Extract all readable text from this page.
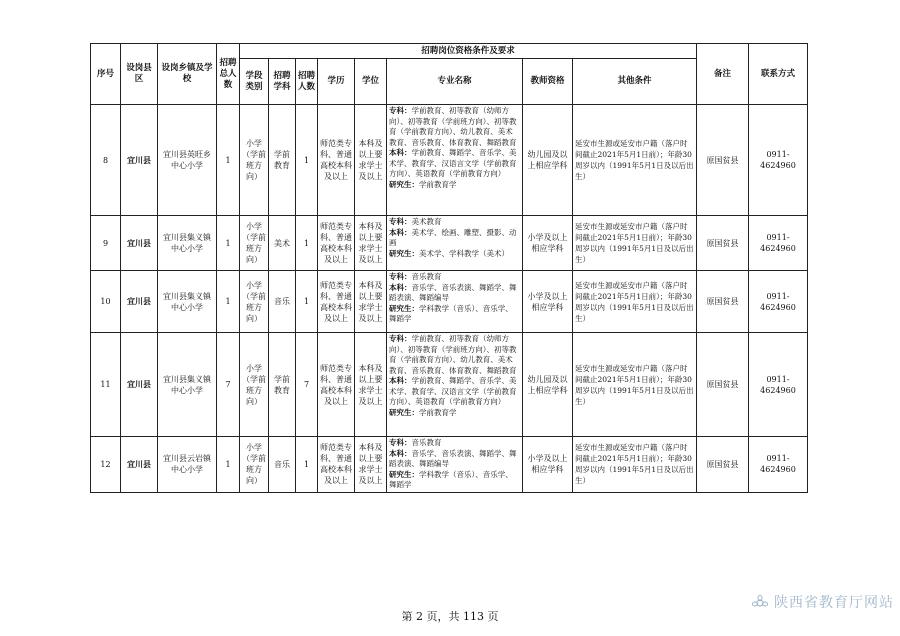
序号	设岗县区	设岗乡镇及学校	招聘总人数	招聘岗位资格条件及要求								备注	联系方式
				学段类别	招聘学科	招聘人数	学历	学位	专业名称	教师资格	其他条件		
8	宜川县	宜川县英旺乡中心小学	1	小学（学前班方向）	学前教育	1	师范类专科、普通高校本科及以上	本科及以上要求学士及以上	专科：学前教育、初等教育（幼师方向）、初等教育（学前班方向）、初等教育（学前教育方向）、幼儿教育、美术教育、音乐教育、体育教育、舞蹈教育
本科：学前教育、舞蹈学、音乐学、美术学、教育学、汉语言文学（学前教育方向）、英语教育（学前教育方向）
研究生：学前教育学	幼儿园及以上相应学科	延安市生源或延安市户籍（落户时间截止2021年5月1日前）；年龄30周岁以内（1991年5月1日及以后出生）	原国贫县	0911-4624960
9	宜川县	宜川县集义镇中心小学	1	小学（学前班方向）	美术	1	师范类专科、普通高校本科及以上	本科及以上要求学士及以上	专科：美术教育
本科：美术学、绘画、雕塑、摄影、动画
研究生：美术学、学科教学（美术）	小学及以上相应学科	延安市生源或延安市户籍（落户时间截止2021年5月1日前）；年龄30周岁以内（1991年5月1日及以后出生）	原国贫县	0911-4624960
10	宜川县	宜川县集义镇中心小学	1	小学（学前班方向）	音乐	1	师范类专科、普通高校本科及以上	本科及以上要求学士及以上	专科：音乐教育
本科：音乐学、音乐表演、舞蹈学、舞蹈表演、舞蹈编导
研究生：学科教学（音乐）、音乐学、舞蹈学	小学及以上相应学科	延安市生源或延安市户籍（落户时间截止2021年5月1日前）；年龄30周岁以内（1991年5月1日及以后出生）	原国贫县	0911-4624960
11	宜川县	宜川县集义镇中心小学	7	小学（学前班方向）	学前教育	7	师范类专科、普通高校本科及以上	本科及以上要求学士及以上	专科：学前教育、初等教育（幼师方向）、初等教育（学前班方向）、初等教育（学前教育方向）、幼儿教育、美术教育、音乐教育、体育教育、舞蹈教育
本科：学前教育、舞蹈学、音乐学、美术学、教育学、汉语言文学（学前教育方向）、英语教育（学前教育方向）
研究生：学前教育学	幼儿园及以上相应学科	延安市生源或延安市户籍（落户时间截止2021年5月1日前）；年龄30周岁以内（1991年5月1日及以后出生）	原国贫县	0911-4624960
12	宜川县	宜川县云岩镇中心小学	1	小学（学前班方向）	音乐	1	师范类专科、普通高校本科及以上	本科及以上要求学士及以上	专科：音乐教育
本科：音乐学、音乐表演、舞蹈学、舞蹈表演、舞蹈编导
研究生：学科教学（音乐）、音乐学、舞蹈学	小学及以上相应学科	延安市生源或延安市户籍（落户时间截止2021年5月1日前）；年龄30周岁以内（1991年5月1日及以后出生）	原国贫县	0911-4624960
第 2 页，共 113 页
陕西省教育厅网站
